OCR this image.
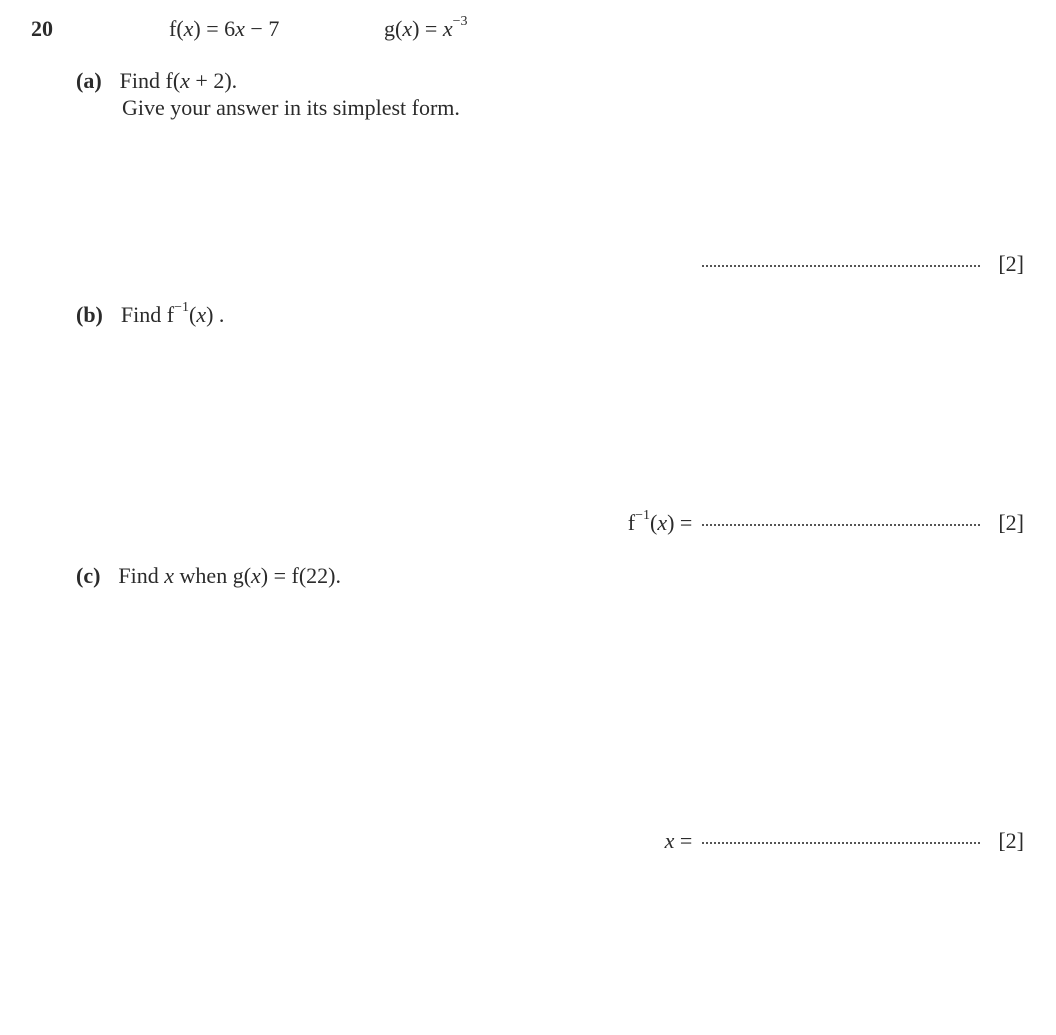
20	f(x) = 6x − 7	$g(x) = x^{-3}$
(a) Find f(x + 2).
Give your answer in its simplest form.
[2]
(b) Find $f^{-1}(x)$ .
$f^{-1}(x)$ =	[2]
(c) Find x when g(x) = f(22).
x =	[2]
